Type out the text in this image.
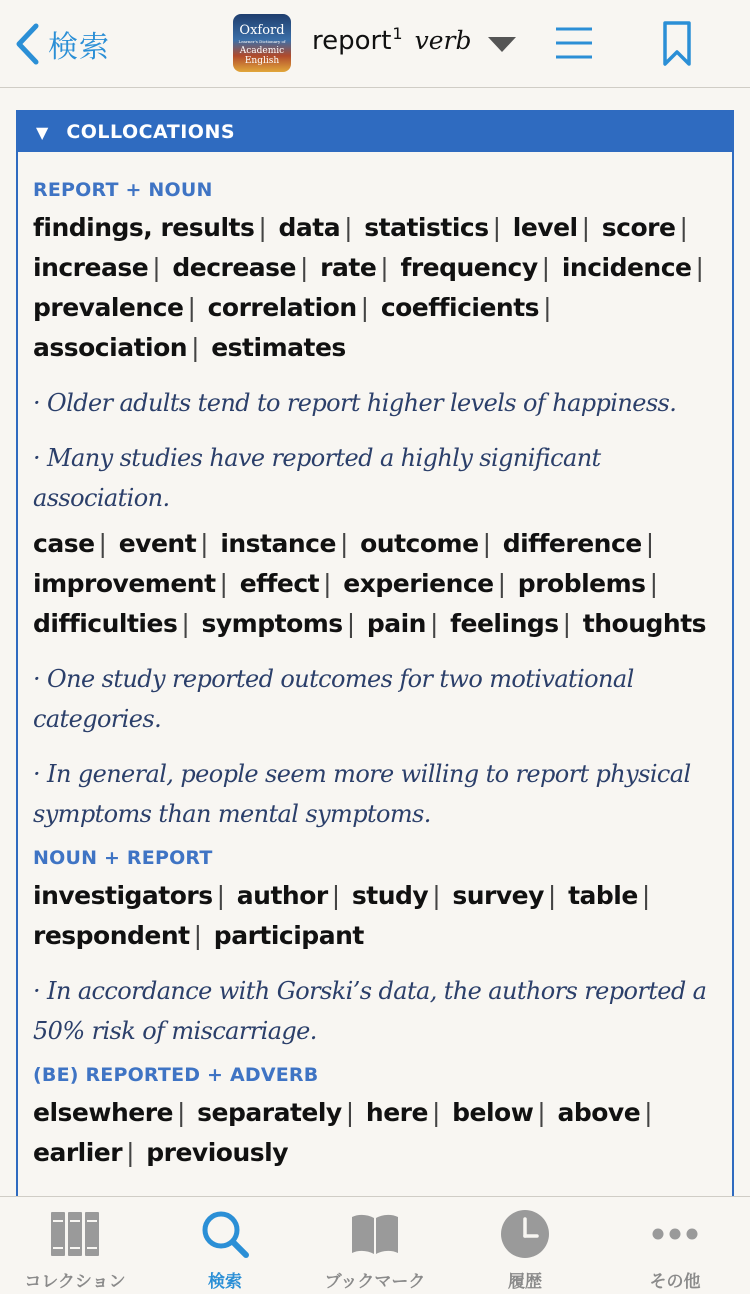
検索	Oxford
Learner's Dictionary of
Academic
English
report 1 verb
▼ COLLOCATIONS
REPORT + NOUN
findings, results | data | statistics | level | score | increase | decrease | rate | frequency | incidence | prevalence | correlation | coefficients | association | estimates
· Older adults tend to report higher levels of happiness.
· Many studies have reported a highly significant association.
case | event | instance | outcome | difference | improvement | effect | experience | problems | difficulties | symptoms | pain | feelings | thoughts
· One study reported outcomes for two motivational categories.
· In general, people seem more willing to report physical symptoms than mental symptoms.
NOUN + REPORT
investigators | author | study | survey | table | respondent | participant
· In accordance with Gorski’s data, the authors reported a 50% risk of miscarriage.
(BE) REPORTED + ADVERB
elsewhere | separately | here | below | above | earlier | previously
コレクション	検索	ブックマーク	履歴	その他
